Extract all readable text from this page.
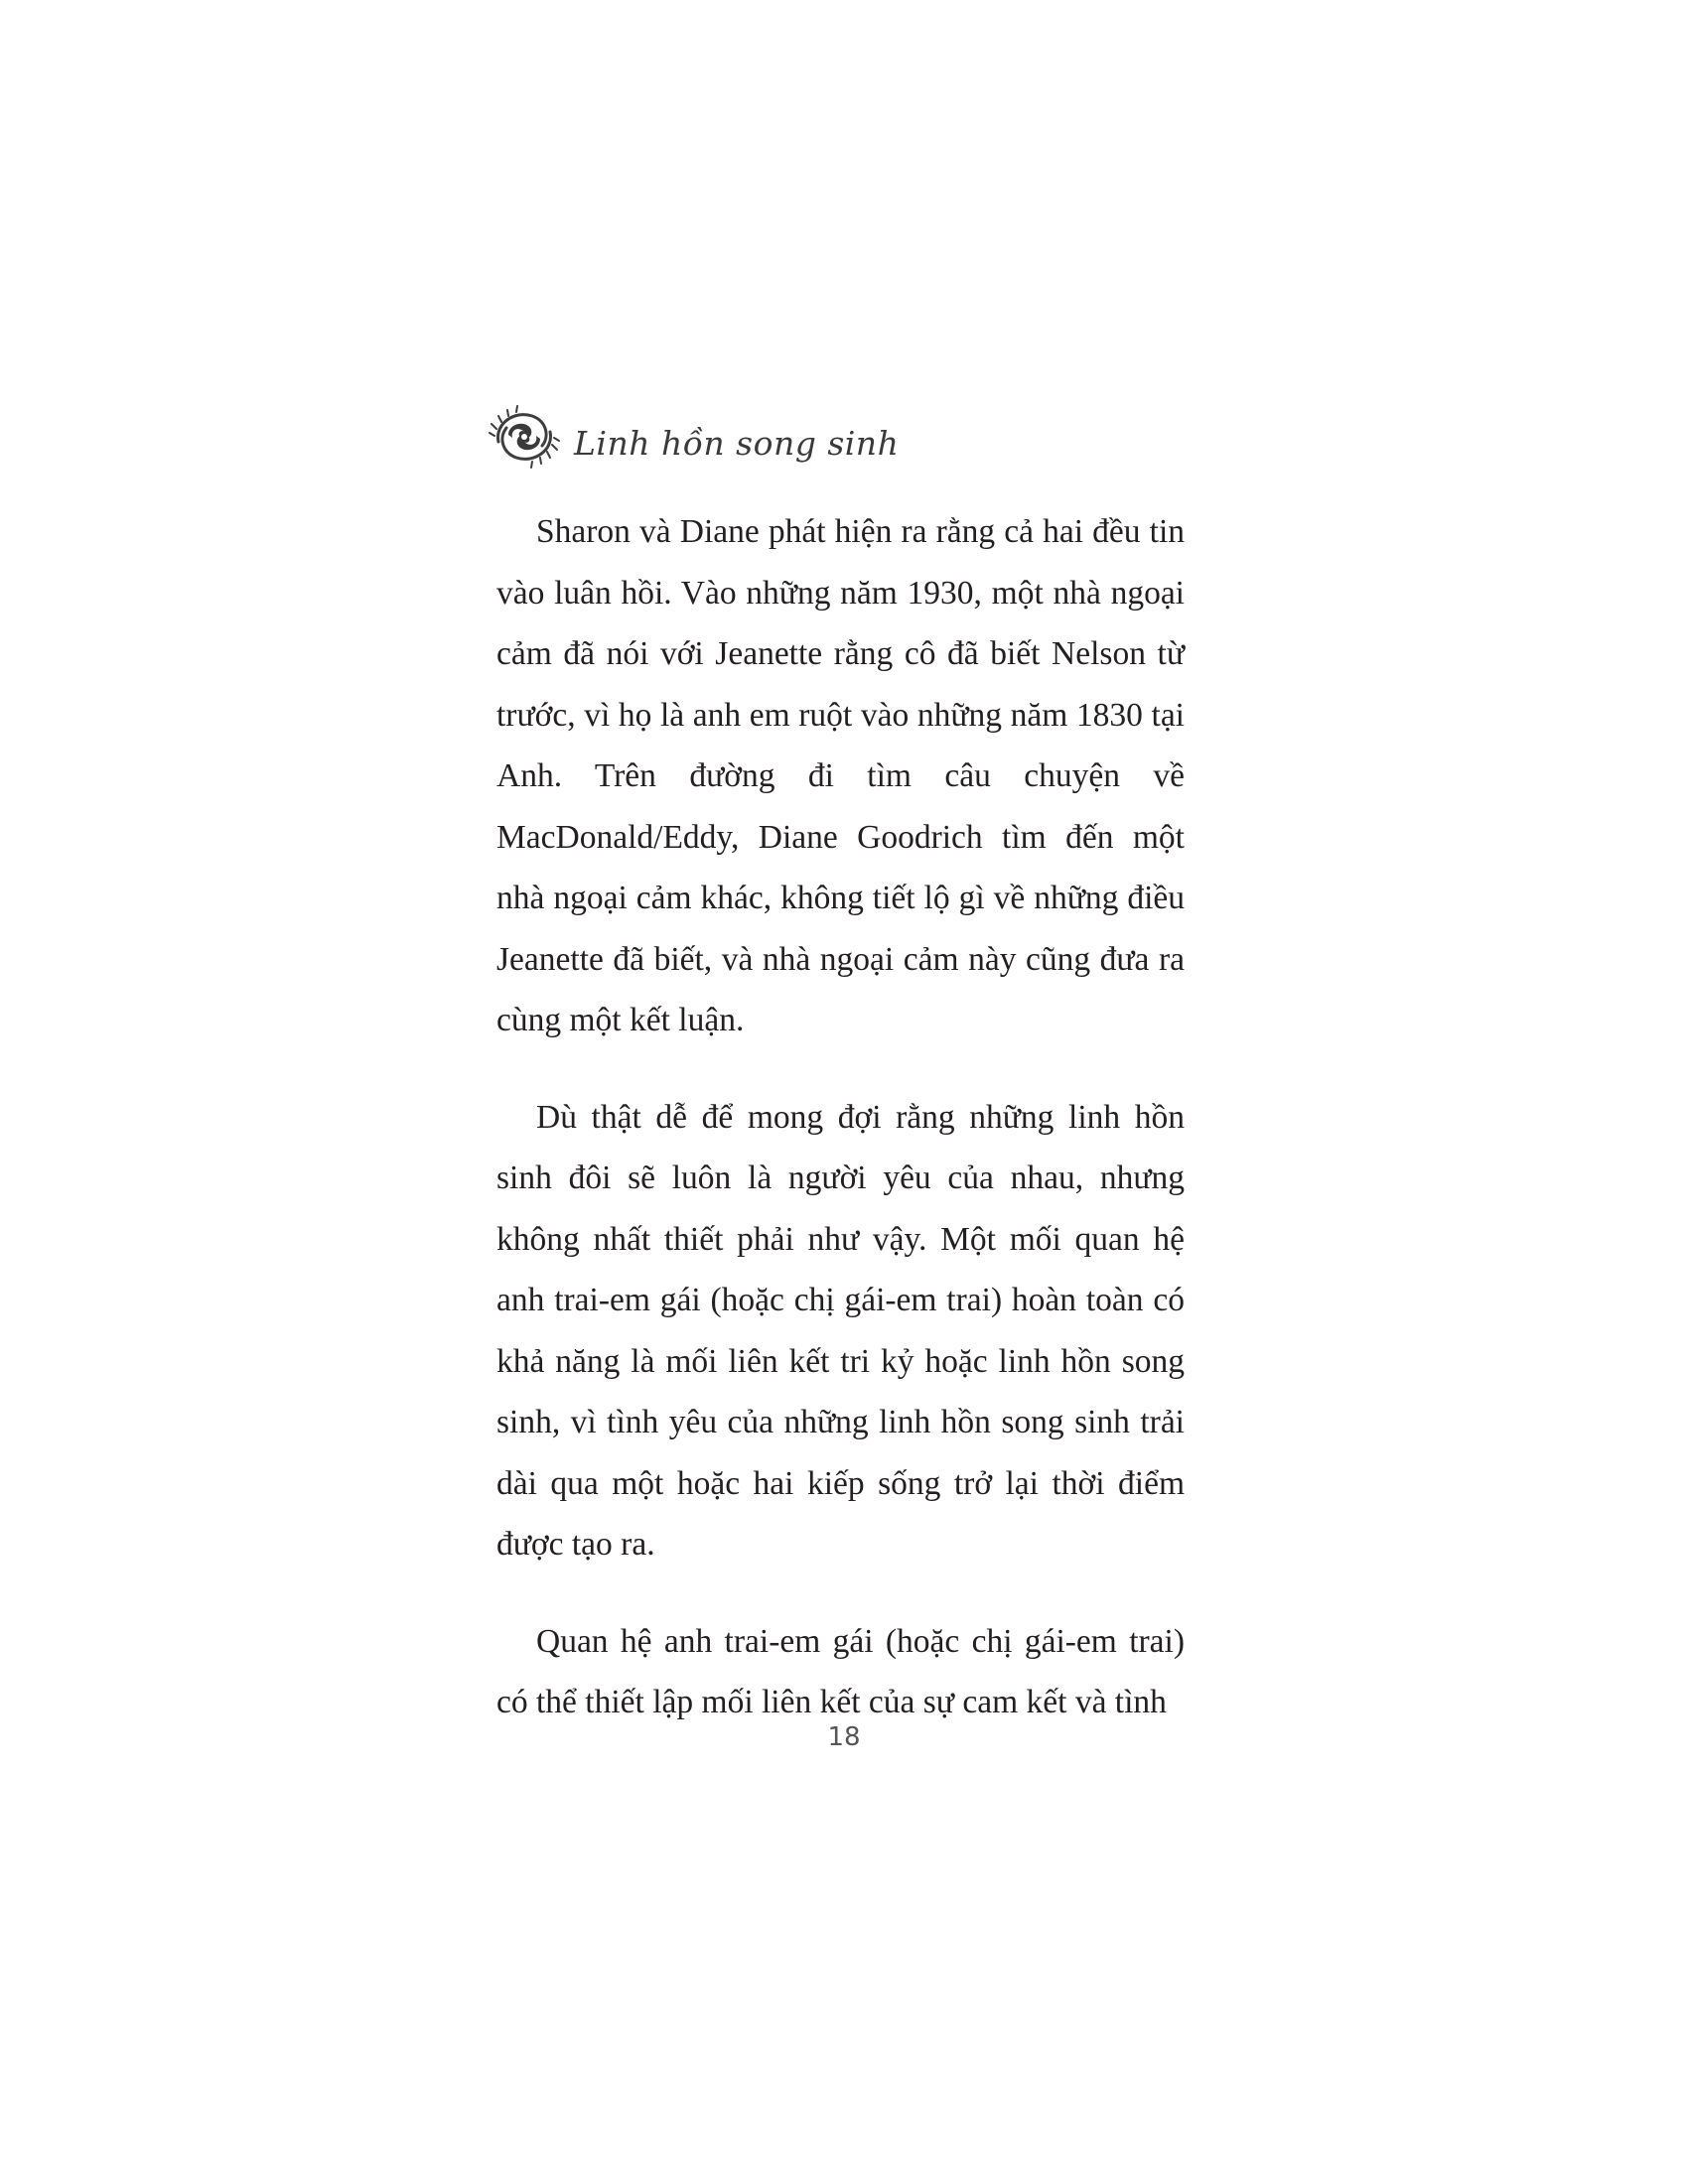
Linh hồn song sinh

Sharon và Diane phát hiện ra rằng cả hai đều tin vào luân hồi. Vào những năm 1930, một nhà ngoại cảm đã nói với Jeanette rằng cô đã biết Nelson từ trước, vì họ là anh em ruột vào những năm 1830 tại Anh. Trên đường đi tìm câu chuyện về MacDonald/Eddy, Diane Goodrich tìm đến một nhà ngoại cảm khác, không tiết lộ gì về những điều Jeanette đã biết, và nhà ngoại cảm này cũng đưa ra cùng một kết luận.

Dù thật dễ để mong đợi rằng những linh hồn sinh đôi sẽ luôn là người yêu của nhau, nhưng không nhất thiết phải như vậy. Một mối quan hệ anh trai-em gái (hoặc chị gái-em trai) hoàn toàn có khả năng là mối liên kết tri kỷ hoặc linh hồn song sinh, vì tình yêu của những linh hồn song sinh trải dài qua một hoặc hai kiếp sống trở lại thời điểm được tạo ra.

Quan hệ anh trai-em gái (hoặc chị gái-em trai) có thể thiết lập mối liên kết của sự cam kết và tình

18
